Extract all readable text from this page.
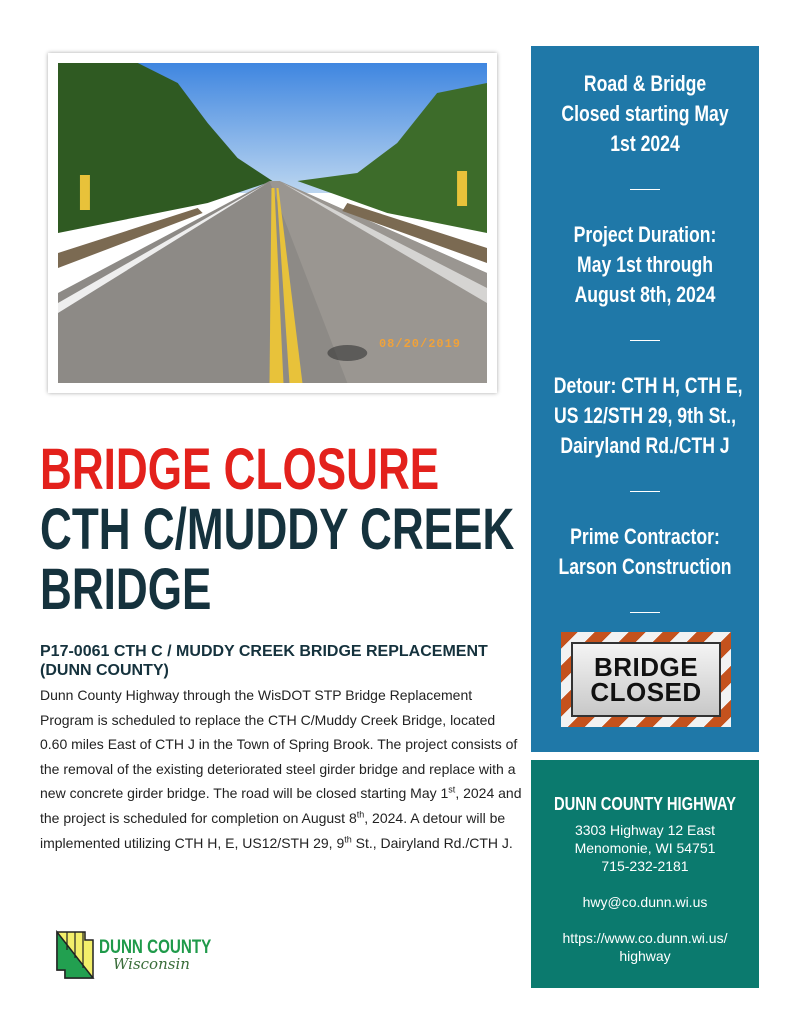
08/20/2019
BRIDGE CLOSURE
CTH C/MUDDY CREEK
BRIDGE
P17-0061 CTH C / MUDDY CREEK BRIDGE REPLACEMENT (DUNN COUNTY)
Dunn County Highway through the WisDOT STP Bridge Replacement Program is scheduled to replace the CTH C/Muddy Creek Bridge, located 0.60 miles East of CTH J in the Town of Spring Brook. The project consists of the removal of the existing deteriorated steel girder bridge and replace with a new concrete girder bridge. The road will be closed starting May 1st, 2024 and the project is scheduled for completion on August 8th, 2024. A detour will be implemented utilizing CTH H, E, US12/STH 29, 9th St., Dairyland Rd./CTH J.
DUNN COUNTY
Wisconsin
Road & Bridge
Closed starting May
1st 2024
Project Duration:
May 1st through
August 8th, 2024
Detour: CTH H, CTH E,
US 12/STH 29, 9th St.,
Dairyland Rd./CTH J
Prime Contractor:
Larson Construction
BRIDGE
CLOSED
DUNN COUNTY HIGHWAY
3303 Highway 12 East
Menomonie, WI 54751
715-232-2181
hwy@co.dunn.wi.us
https://www.co.dunn.wi.us/
highway
